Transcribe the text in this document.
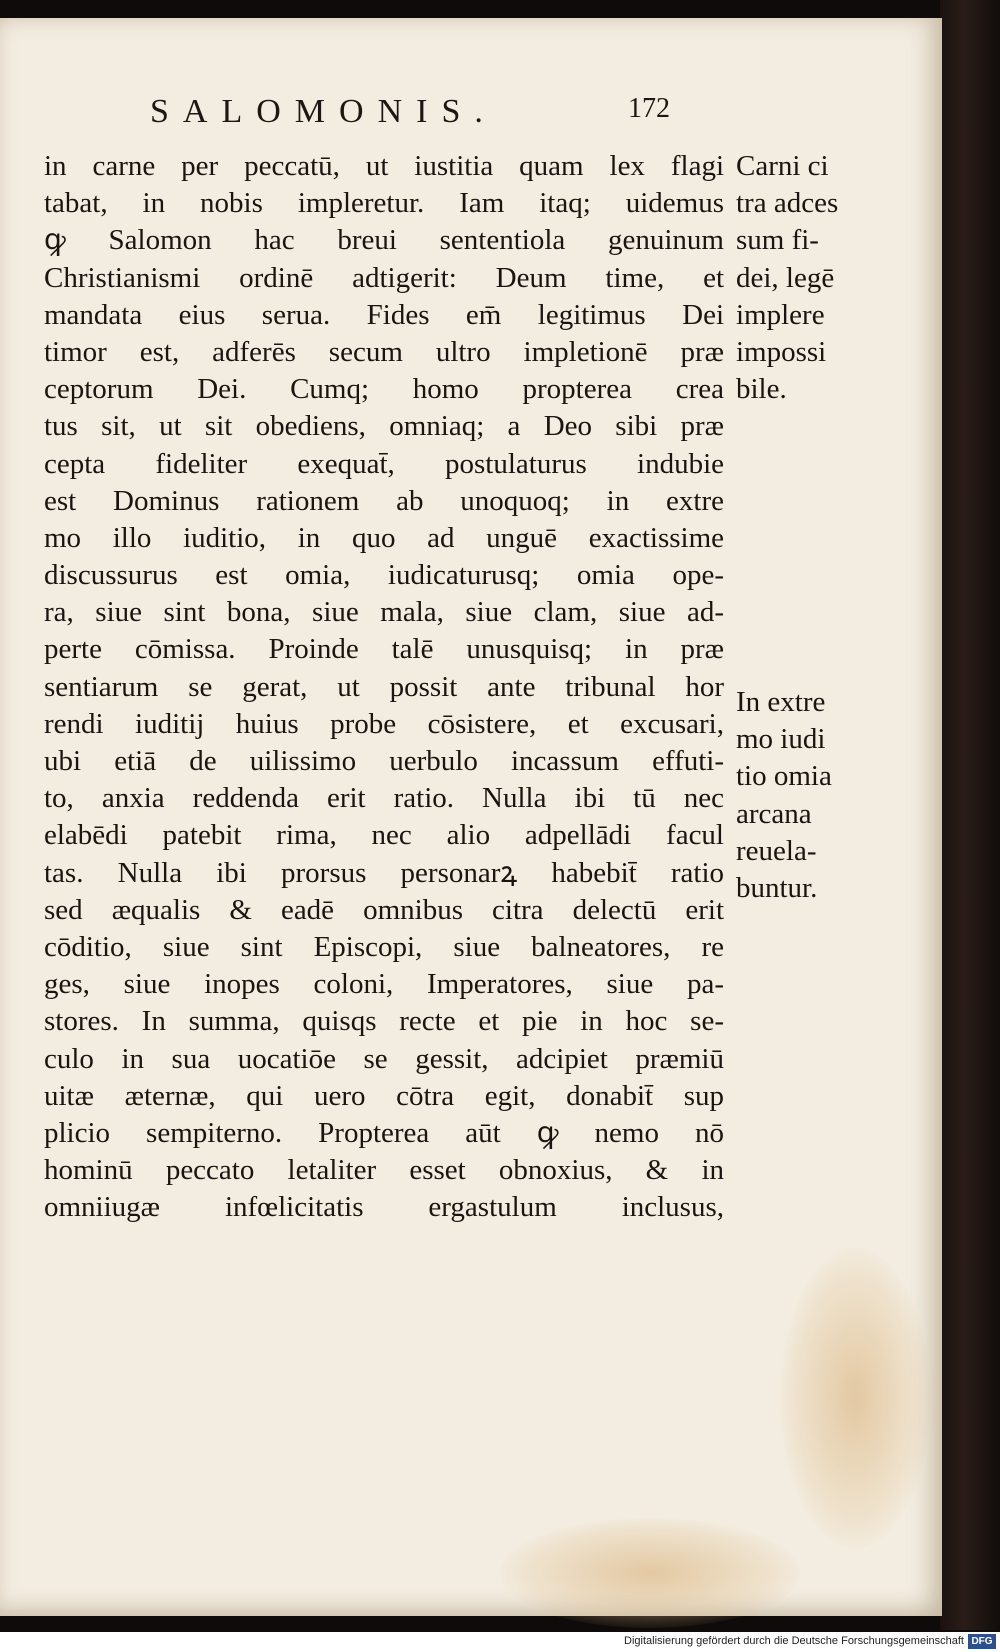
SALOMONIS.	172
in carne per peccatū, ut iustitia quam lex flagi
tabat, in nobis impleretur. Iam itaq; uidemus
ꝙ Salomon hac breui sententiola genuinum
Christianismi ordinē adtigerit: Deum time, et
mandata eius serua. Fides em̄ legitimus Dei
timor est, adferēs secum ultro impletionē præ
ceptorum Dei. Cumq; homo propterea crea
tus sit, ut sit obediens, omniaq; a Deo sibi præ
cepta fideliter exequat̄, postulaturus indubie
est Dominus rationem ab unoquoq; in extre
mo illo iuditio, in quo ad unguē exactissime
discussurus est omia, iudicaturusq; omia ope-
ra, siue sint bona, siue mala, siue clam, siue ad-
perte cōmissa. Proinde talē unusquisq; in præ
sentiarum se gerat, ut possit ante tribunal hor
rendi iuditij huius probe cōsistere, et excusari,
ubi etiā de uilissimo uerbulo incassum effuti-
to, anxia reddenda erit ratio. Nulla ibi tū nec
elabēdi patebit rima, nec alio adpellādi facul
tas. Nulla ibi prorsus personarꝝ habebit̄ ratio
sed æqualis & eadē omnibus citra delectū erit
cōditio, siue sint Episcopi, siue balneatores, re
ges, siue inopes coloni, Imperatores, siue pa-
stores. In summa, quisqs recte et pie in hoc se-
culo in sua uocatiōe se gessit, adcipiet præmiū
uitæ æternæ, qui uero cōtra egit, donabit̄ sup
plicio sempiterno. Propterea aūt ꝙ nemo nō
hominū peccato letaliter esset obnoxius, & in
omniiugæ infœlicitatis ergastulum inclusus,
Carni ci
tra adces
sum fi-
dei, legē
implere
impossi
bile.
In extre
mo iudi
tio omia
arcana
reuela-
buntur.
Digitalisierung gefördert durch die Deutsche Forschungsgemeinschaft DFG
